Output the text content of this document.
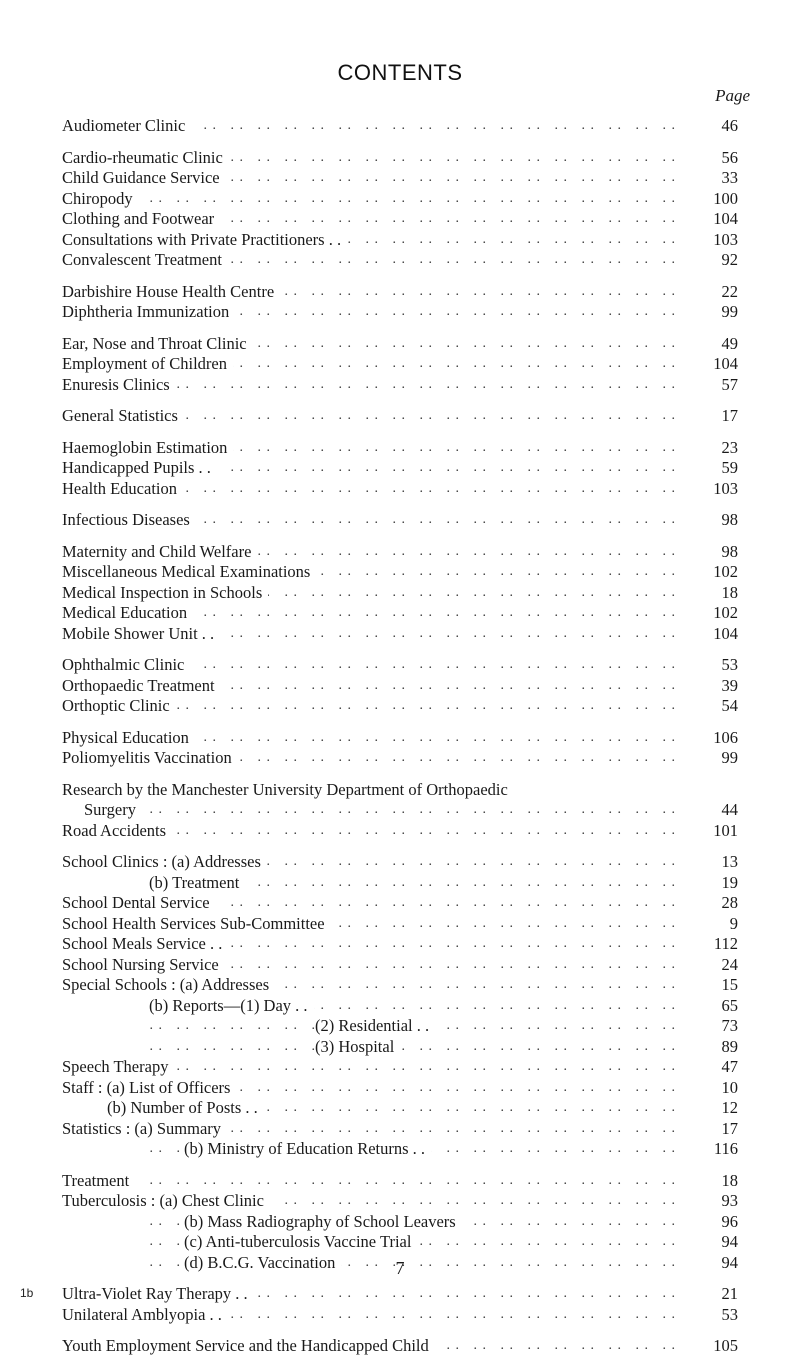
CONTENTS
Page
. . Audiometer Clinic	46
. . Cardio-rheumatic Clinic	56
. . Child Guidance Service	33
. . Chiropody	100
. . Clothing and Footwear	104
. . Consultations with Private Practitioners . .	103
. . Convalescent Treatment	92
. . Darbishire House Health Centre	22
. . Diphtheria Immunization	99
. . Ear, Nose and Throat Clinic	49
. . Employment of Children	104
. . Enuresis Clinics	57
. . General Statistics	17
. . Haemoglobin Estimation	23
. . Handicapped Pupils . .	59
. . Health Education	103
. . Infectious Diseases	98
. . Maternity and Child Welfare	98
. . Miscellaneous Medical Examinations	102
. . Medical Inspection in Schools	18
. . Medical Education	102
. . Mobile Shower Unit . .	104
. . Ophthalmic Clinic	53
. . Orthopaedic Treatment	39
. . Orthoptic Clinic	54
. . Physical Education	106
. . Poliomyelitis Vaccination	99
Research by the Manchester University Department of Orthopaedic
. . Surgery	44
. . Road Accidents	101
. . School Clinics : (a) Addresses	13
. . (b) Treatment	19
. . School Dental Service	28
. . School Health Services Sub-Committee	9
. . School Meals Service . .	112
. . School Nursing Service	24
. . Special Schools : (a) Addresses	15
. . (b) Reports—(1) Day . .	65
. . (2) Residential . .	73
. . (3) Hospital	89
. . Speech Therapy	47
. . Staff : (a) List of Officers	10
. . (b) Number of Posts . .	12
. . Statistics : (a) Summary	17
. . (b) Ministry of Education Returns . .	116
. . Treatment	18
. . Tuberculosis : (a) Chest Clinic	93
. . (b) Mass Radiography of School Leavers	96
. . (c) Anti-tuberculosis Vaccine Trial	94
. . (d) B.C.G. Vaccination	94
. . Ultra-Violet Ray Therapy . .	21
. . Unilateral Amblyopia . .	53
. . Youth Employment Service and the Handicapped Child	105
7
1b
